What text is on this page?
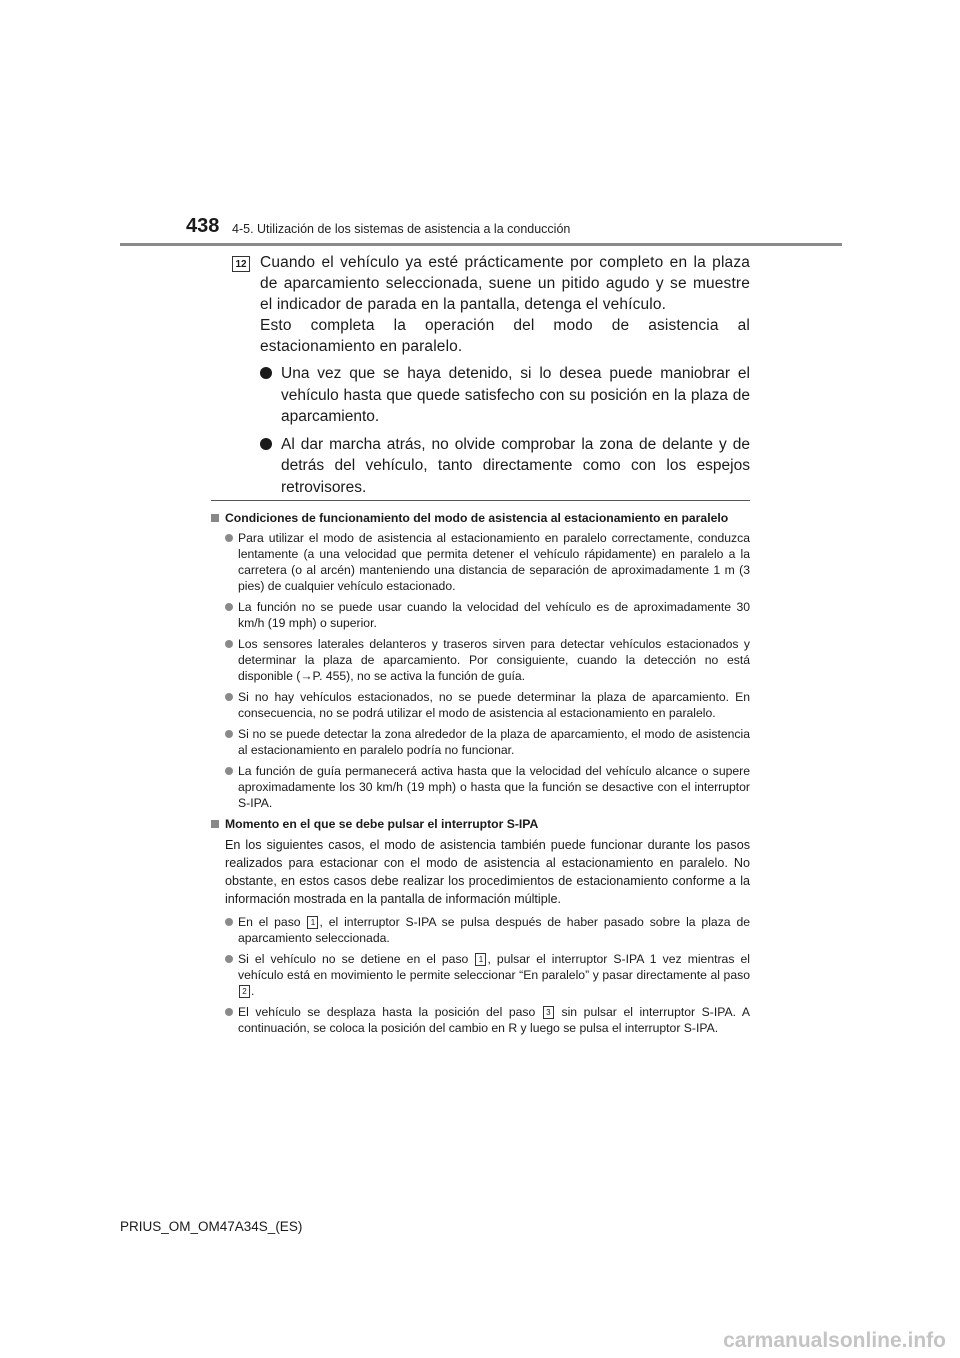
438 4-5. Utilización de los sistemas de asistencia a la conducción
12 Cuando el vehículo ya esté prácticamente por completo en la plaza de aparcamiento seleccionada, suene un pitido agudo y se muestre el indicador de parada en la pantalla, detenga el vehículo.

Esto completa la operación del modo de asistencia al estacionamiento en paralelo.

Una vez que se haya detenido, si lo desea puede maniobrar el vehículo hasta que quede satisfecho con su posición en la plaza de aparcamiento.
Al dar marcha atrás, no olvide comprobar la zona de delante y de detrás del vehículo, tanto directamente como con los espejos retrovisores.
Condiciones de funcionamiento del modo de asistencia al estacionamiento en paralelo
Para utilizar el modo de asistencia al estacionamiento en paralelo correctamente, conduzca lentamente (a una velocidad que permita detener el vehículo rápidamente) en paralelo a la carretera (o al arcén) manteniendo una distancia de separación de aproximadamente 1 m (3 pies) de cualquier vehículo estacionado.
La función no se puede usar cuando la velocidad del vehículo es de aproximadamente 30 km/h (19 mph) o superior.
Los sensores laterales delanteros y traseros sirven para detectar vehículos estacionados y determinar la plaza de aparcamiento. Por consiguiente, cuando la detección no está disponible (→P. 455), no se activa la función de guía.
Si no hay vehículos estacionados, no se puede determinar la plaza de aparcamiento. En consecuencia, no se podrá utilizar el modo de asistencia al estacionamiento en paralelo.
Si no se puede detectar la zona alrededor de la plaza de aparcamiento, el modo de asistencia al estacionamiento en paralelo podría no funcionar.
La función de guía permanecerá activa hasta que la velocidad del vehículo alcance o supere aproximadamente los 30 km/h (19 mph) o hasta que la función se desactive con el interruptor S-IPA.
Momento en el que se debe pulsar el interruptor S-IPA

En los siguientes casos, el modo de asistencia también puede funcionar durante los pasos realizados para estacionar con el modo de asistencia al estacionamiento en paralelo. No obstante, en estos casos debe realizar los procedimientos de estacionamiento conforme a la información mostrada en la pantalla de información múltiple.

En el paso 1 , el interruptor S-IPA se pulsa después de haber pasado sobre la plaza de aparcamiento seleccionada.
Si el vehículo no se detiene en el paso 1 , pulsar el interruptor S-IPA 1 vez mientras el vehículo está en movimiento le permite seleccionar “En paralelo” y pasar directamente al paso 2 .
El vehículo se desplaza hasta la posición del paso 3 sin pulsar el interruptor S-IPA. A continuación, se coloca la posición del cambio en R y luego se pulsa el interruptor S-IPA.
PRIUS_OM_OM47A34S_(ES)
carmanualsonline.info
